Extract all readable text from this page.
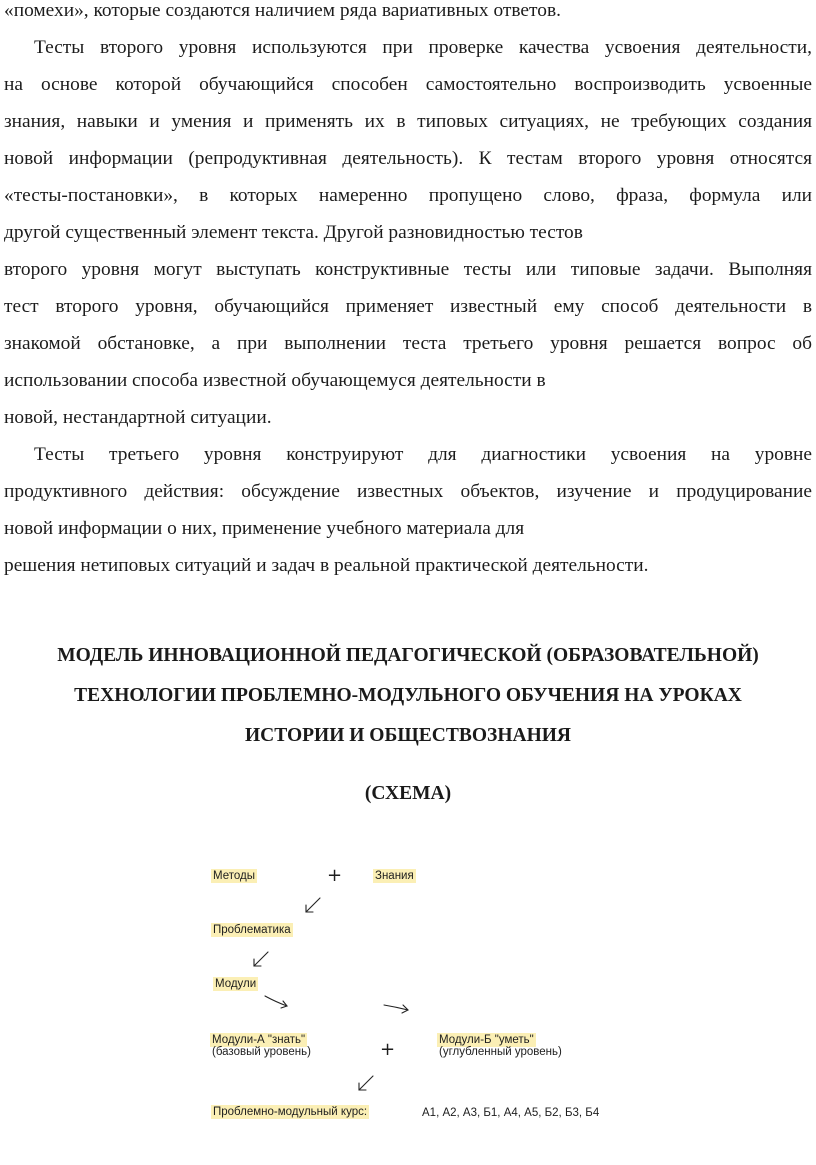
«помехи», которые создаются наличием ряда вариативных ответов.

Тесты второго уровня используются при проверке качества усвоения деятельности,

на основе которой обучающийся способен самостоятельно воспроизводить усвоенные

знания, навыки и умения и применять их в типовых ситуациях, не требующих создания

новой информации (репродуктивная деятельность). К тестам второго уровня относятся

«тесты-постановки», в которых намеренно пропущено слово, фраза, формула или

другой существенный элемент текста. Другой разновидностью тестов

второго уровня могут выступать конструктивные тесты или типовые задачи. Выполняя

тест второго уровня, обучающийся применяет известный ему способ деятельности в

знакомой обстановке, а при выполнении теста третьего уровня решается вопрос об

использовании способа известной обучающемуся деятельности в

новой, нестандартной ситуации.

Тесты третьего уровня конструируют для диагностики усвоения на уровне

продуктивного действия: обсуждение известных объектов, изучение и продуцирование

новой информации о них, применение учебного материала для

решения нетиповых ситуаций и задач в реальной практической деятельности.

МОДЕЛЬ ИННОВАЦИОННОЙ ПЕДАГОГИЧЕСКОЙ (ОБРАЗОВАТЕЛЬНОЙ)

ТЕХНОЛОГИИ ПРОБЛЕМНО-МОДУЛЬНОГО ОБУЧЕНИЯ НА УРОКАХ

ИСТОРИИ И ОБЩЕСТВОЗНАНИЯ

(СХЕМА)

Методы	+	Знания
Проблематика
Модули
Модули-А "знать"
(базовый уровень)	+	Модули-Б "уметь"
(углубленный уровень)
Проблемно-модульный курс:	А1, А2, А3, Б1, А4, А5, Б2, Б3, Б4
